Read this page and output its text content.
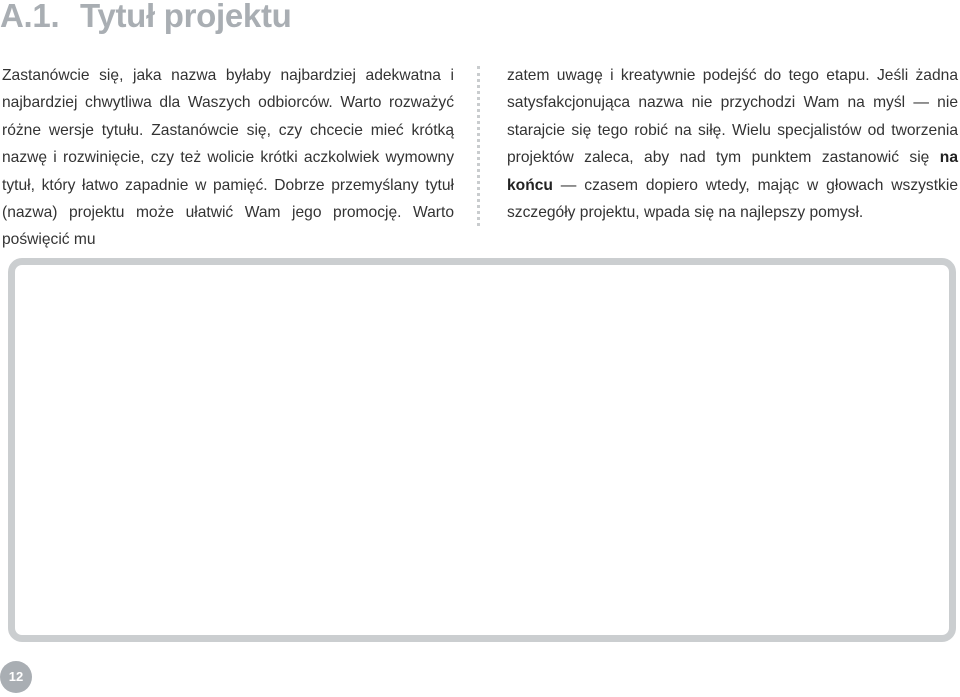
A.1. Tytuł projektu

Zastanówcie się, jaka nazwa byłaby najbardziej adekwatna i najbardziej chwytliwa dla Waszych odbiorców. Warto rozważyć różne wersje tytułu. Zastanówcie się, czy chcecie mieć krótką nazwę i rozwinięcie, czy też wolicie krótki aczkolwiek wymowny tytuł, który łatwo zapadnie w pamięć. Dobrze przemyślany tytuł (nazwa) projektu może ułatwić Wam jego promocję. Warto poświęcić mu

zatem uwagę i kreatywnie podejść do tego etapu. Jeśli żadna satysfakcjonująca nazwa nie przychodzi Wam na myśl — nie starajcie się tego robić na siłę. Wielu specjalistów od tworzenia projektów zaleca, aby nad tym punktem zastanowić się na końcu — czasem dopiero wtedy, mając w głowach wszystkie szczegóły projektu, wpada się na najlepszy pomysł.

12
